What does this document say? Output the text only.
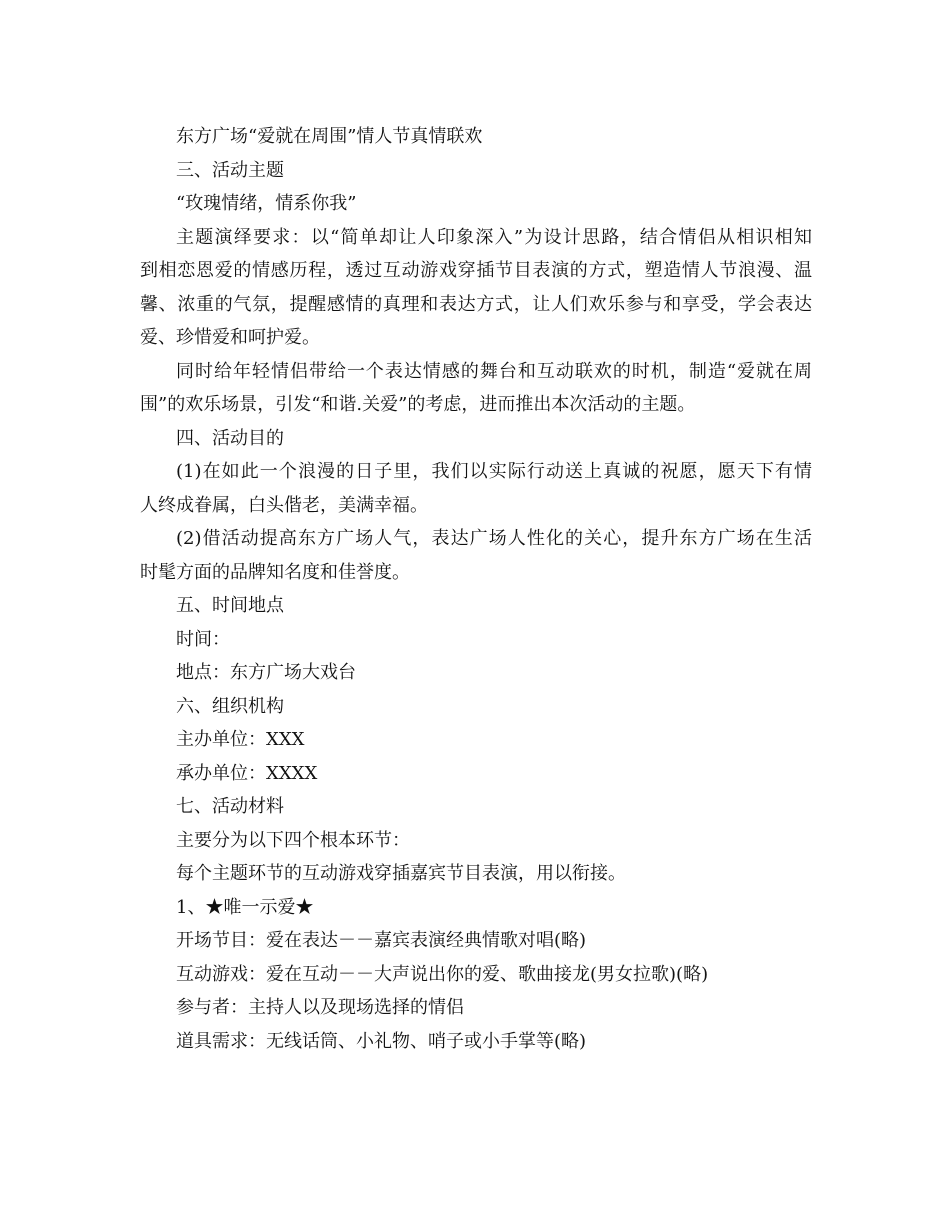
东方广场“爱就在周围”情人节真情联欢
三、活动主题
“玫瑰情绪，情系你我”
主题演绎要求：以“简单却让人印象深入”为设计思路，结合情侣从相识相知
到相恋恩爱的情感历程，透过互动游戏穿插节目表演的方式，塑造情人节浪漫、温
馨、浓重的气氛，提醒感情的真理和表达方式，让人们欢乐参与和享受，学会表达
爱、珍惜爱和呵护爱。
同时给年轻情侣带给一个表达情感的舞台和互动联欢的时机，制造“爱就在周
围”的欢乐场景，引发“和谐.关爱”的考虑，进而推出本次活动的主题。
四、活动目的
(1)在如此一个浪漫的日子里，我们以实际行动送上真诚的祝愿，愿天下有情
人终成眷属，白头偕老，美满幸福。
(2)借活动提高东方广场人气，表达广场人性化的关心，提升东方广场在生活
时髦方面的品牌知名度和佳誉度。
五、时间地点
时间：
地点：东方广场大戏台
六、组织机构
主办单位：XXX
承办单位：XXXX
七、活动材料
主要分为以下四个根本环节：
每个主题环节的互动游戏穿插嘉宾节目表演，用以衔接。
1、★唯一示爱★
开场节目：爱在表达－－嘉宾表演经典情歌对唱(略)
互动游戏：爱在互动－－大声说出你的爱、歌曲接龙(男女拉歌)(略)
参与者：主持人以及现场选择的情侣
道具需求：无线话筒、小礼物、哨子或小手掌等(略)
